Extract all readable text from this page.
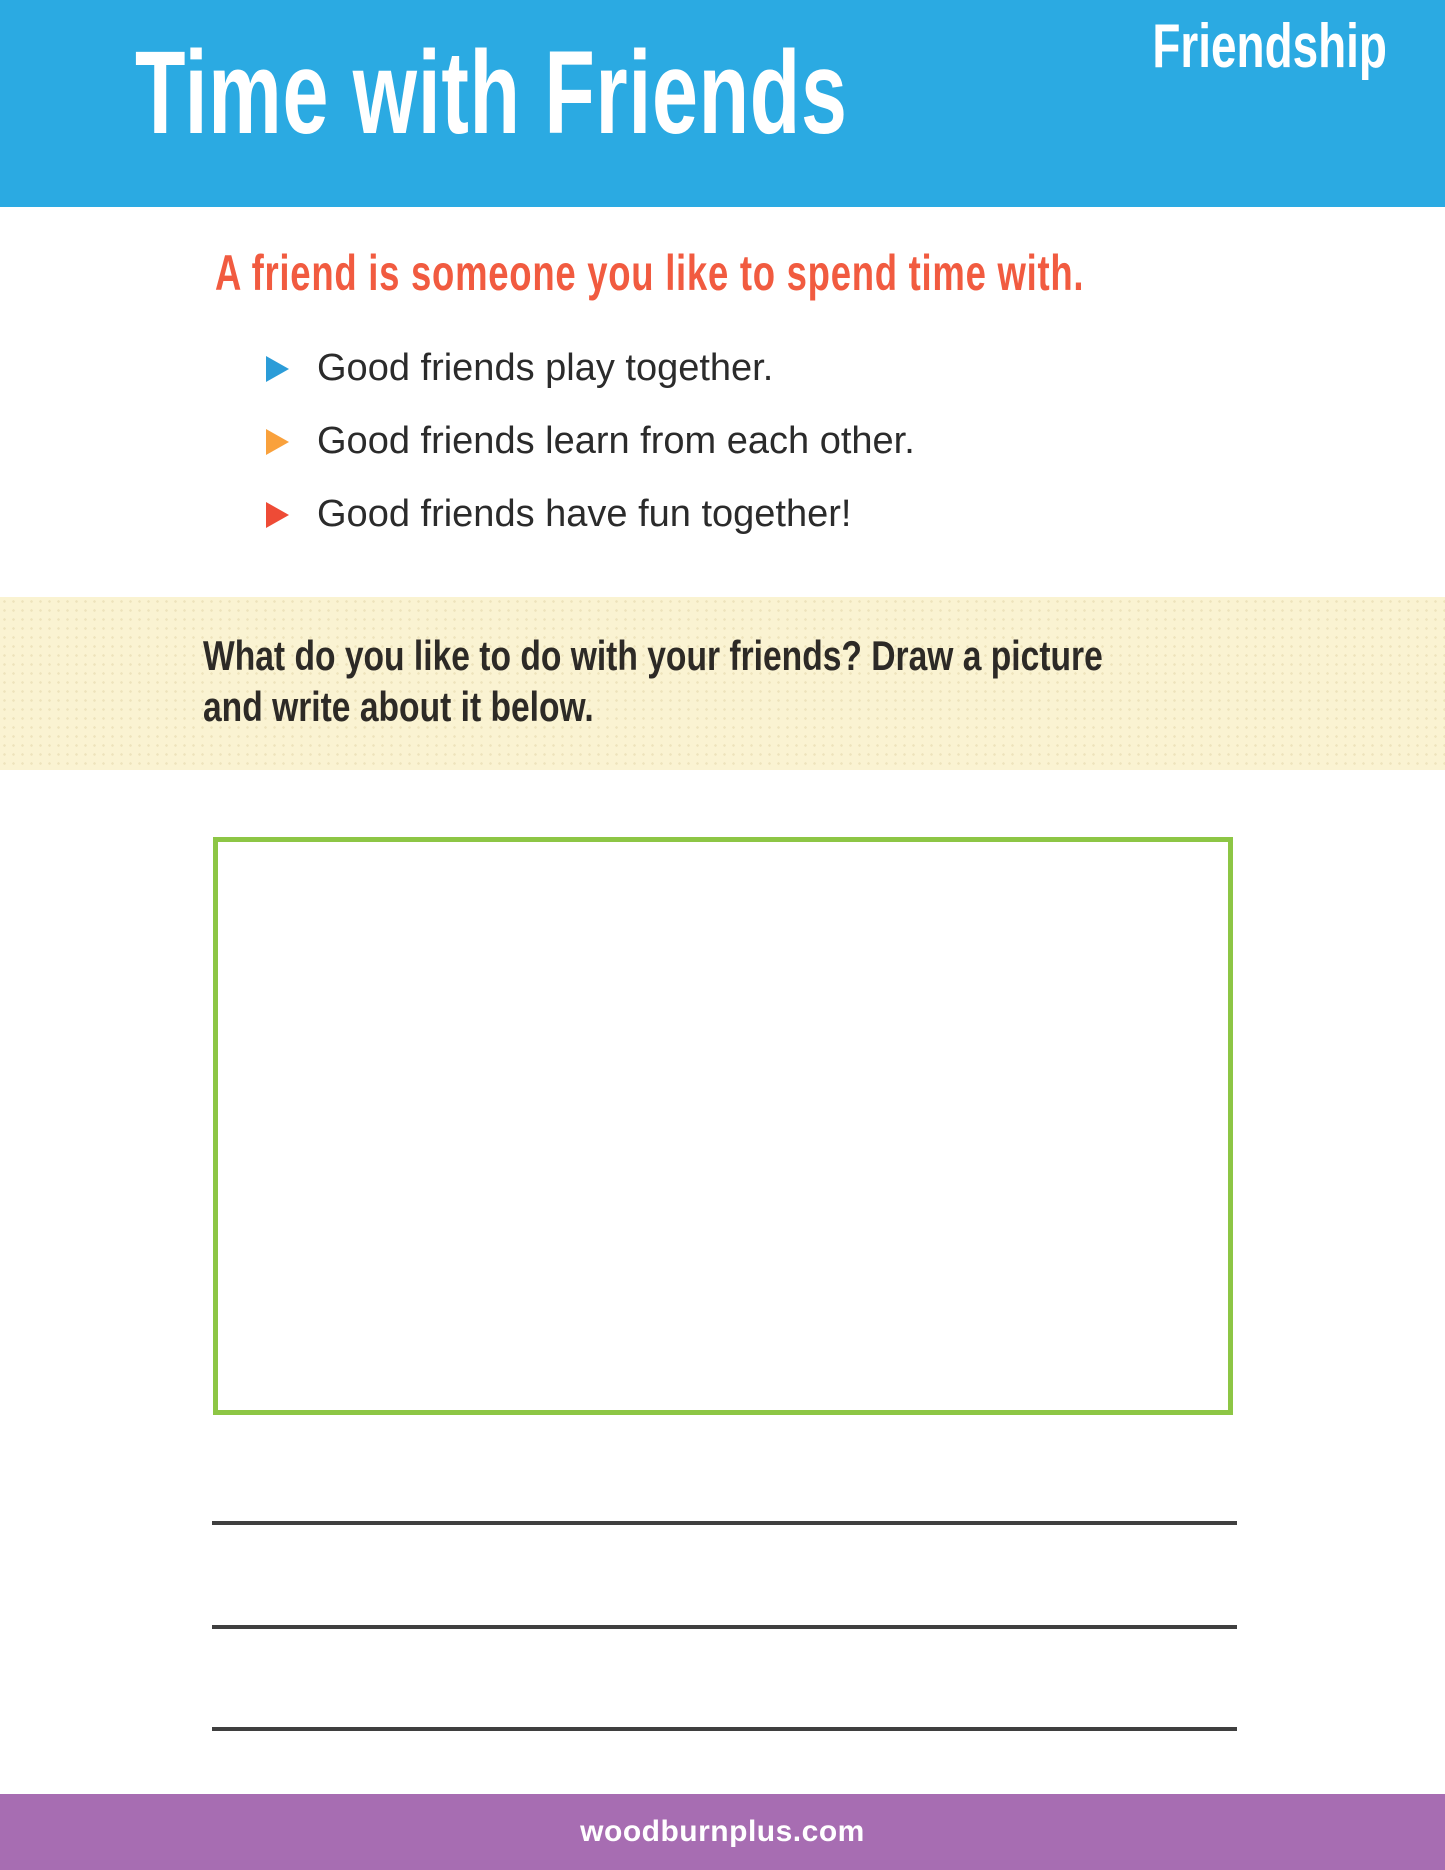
Time with Friends	Friendship
A friend is someone you like to spend time with.
Good friends play together.
Good friends learn from each other.
Good friends have fun together!
What do you like to do with your friends? Draw a picture
and write about it below.
woodburnplus.com
